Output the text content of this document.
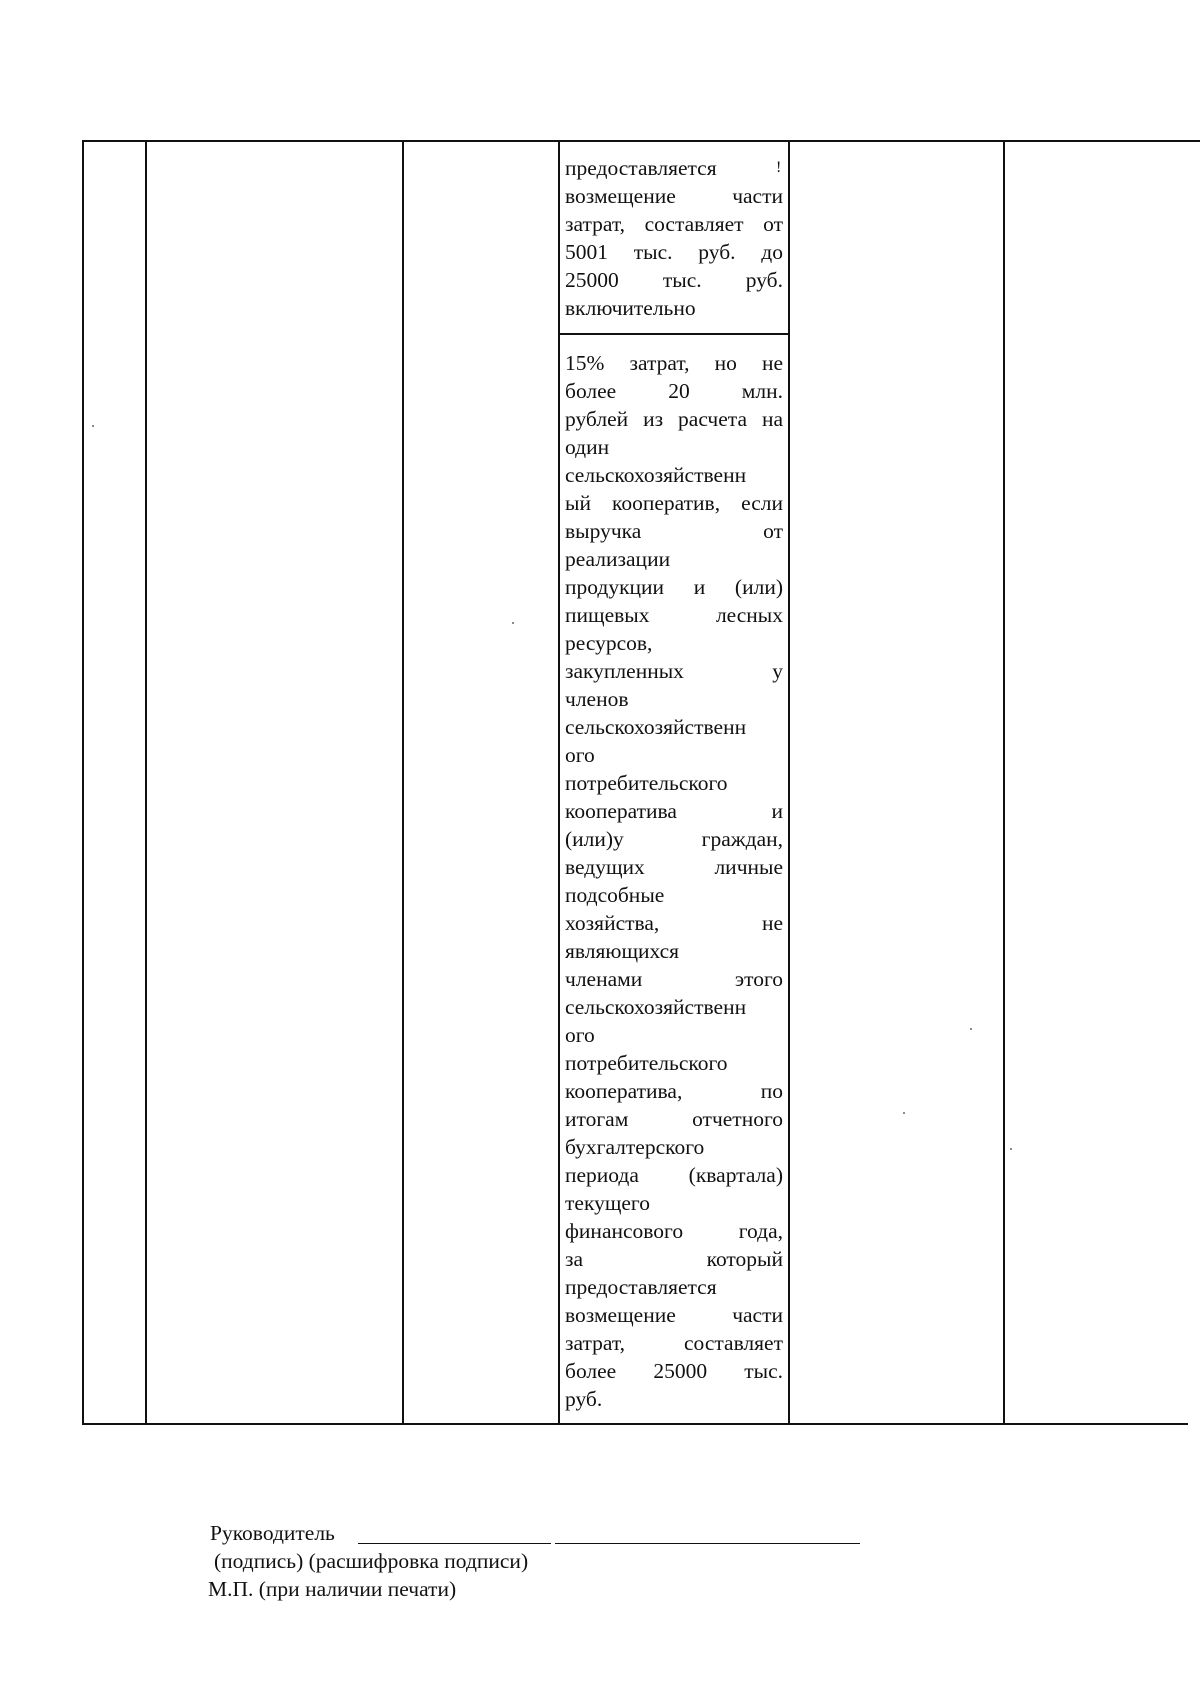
предоставляется
возмещение части
затрат, составляет от
5001 тыс. руб. до
25000 тыс. руб.
включительно
!
15% затрат, но не
более 20 млн.
рублей из расчета на
один
сельскохозяйственн
ый кооператив, если
выручка от
реализации
продукции и (или)
пищевых лесных
ресурсов,
закупленных у
членов
сельскохозяйственн
ого
потребительского
кооператива и
(или)у граждан,
ведущих личные
подсобные
хозяйства, не
являющихся
членами этого
сельскохозяйственн
ого
потребительского
кооператива, по
итогам отчетного
бухгалтерского
периода (квартала)
текущего
финансового года,
за который
предоставляется
возмещение части
затрат, составляет
более 25000 тыс.
руб.
Руководитель
(подпись) (расшифровка подписи)
М.П. (при наличии печати)
